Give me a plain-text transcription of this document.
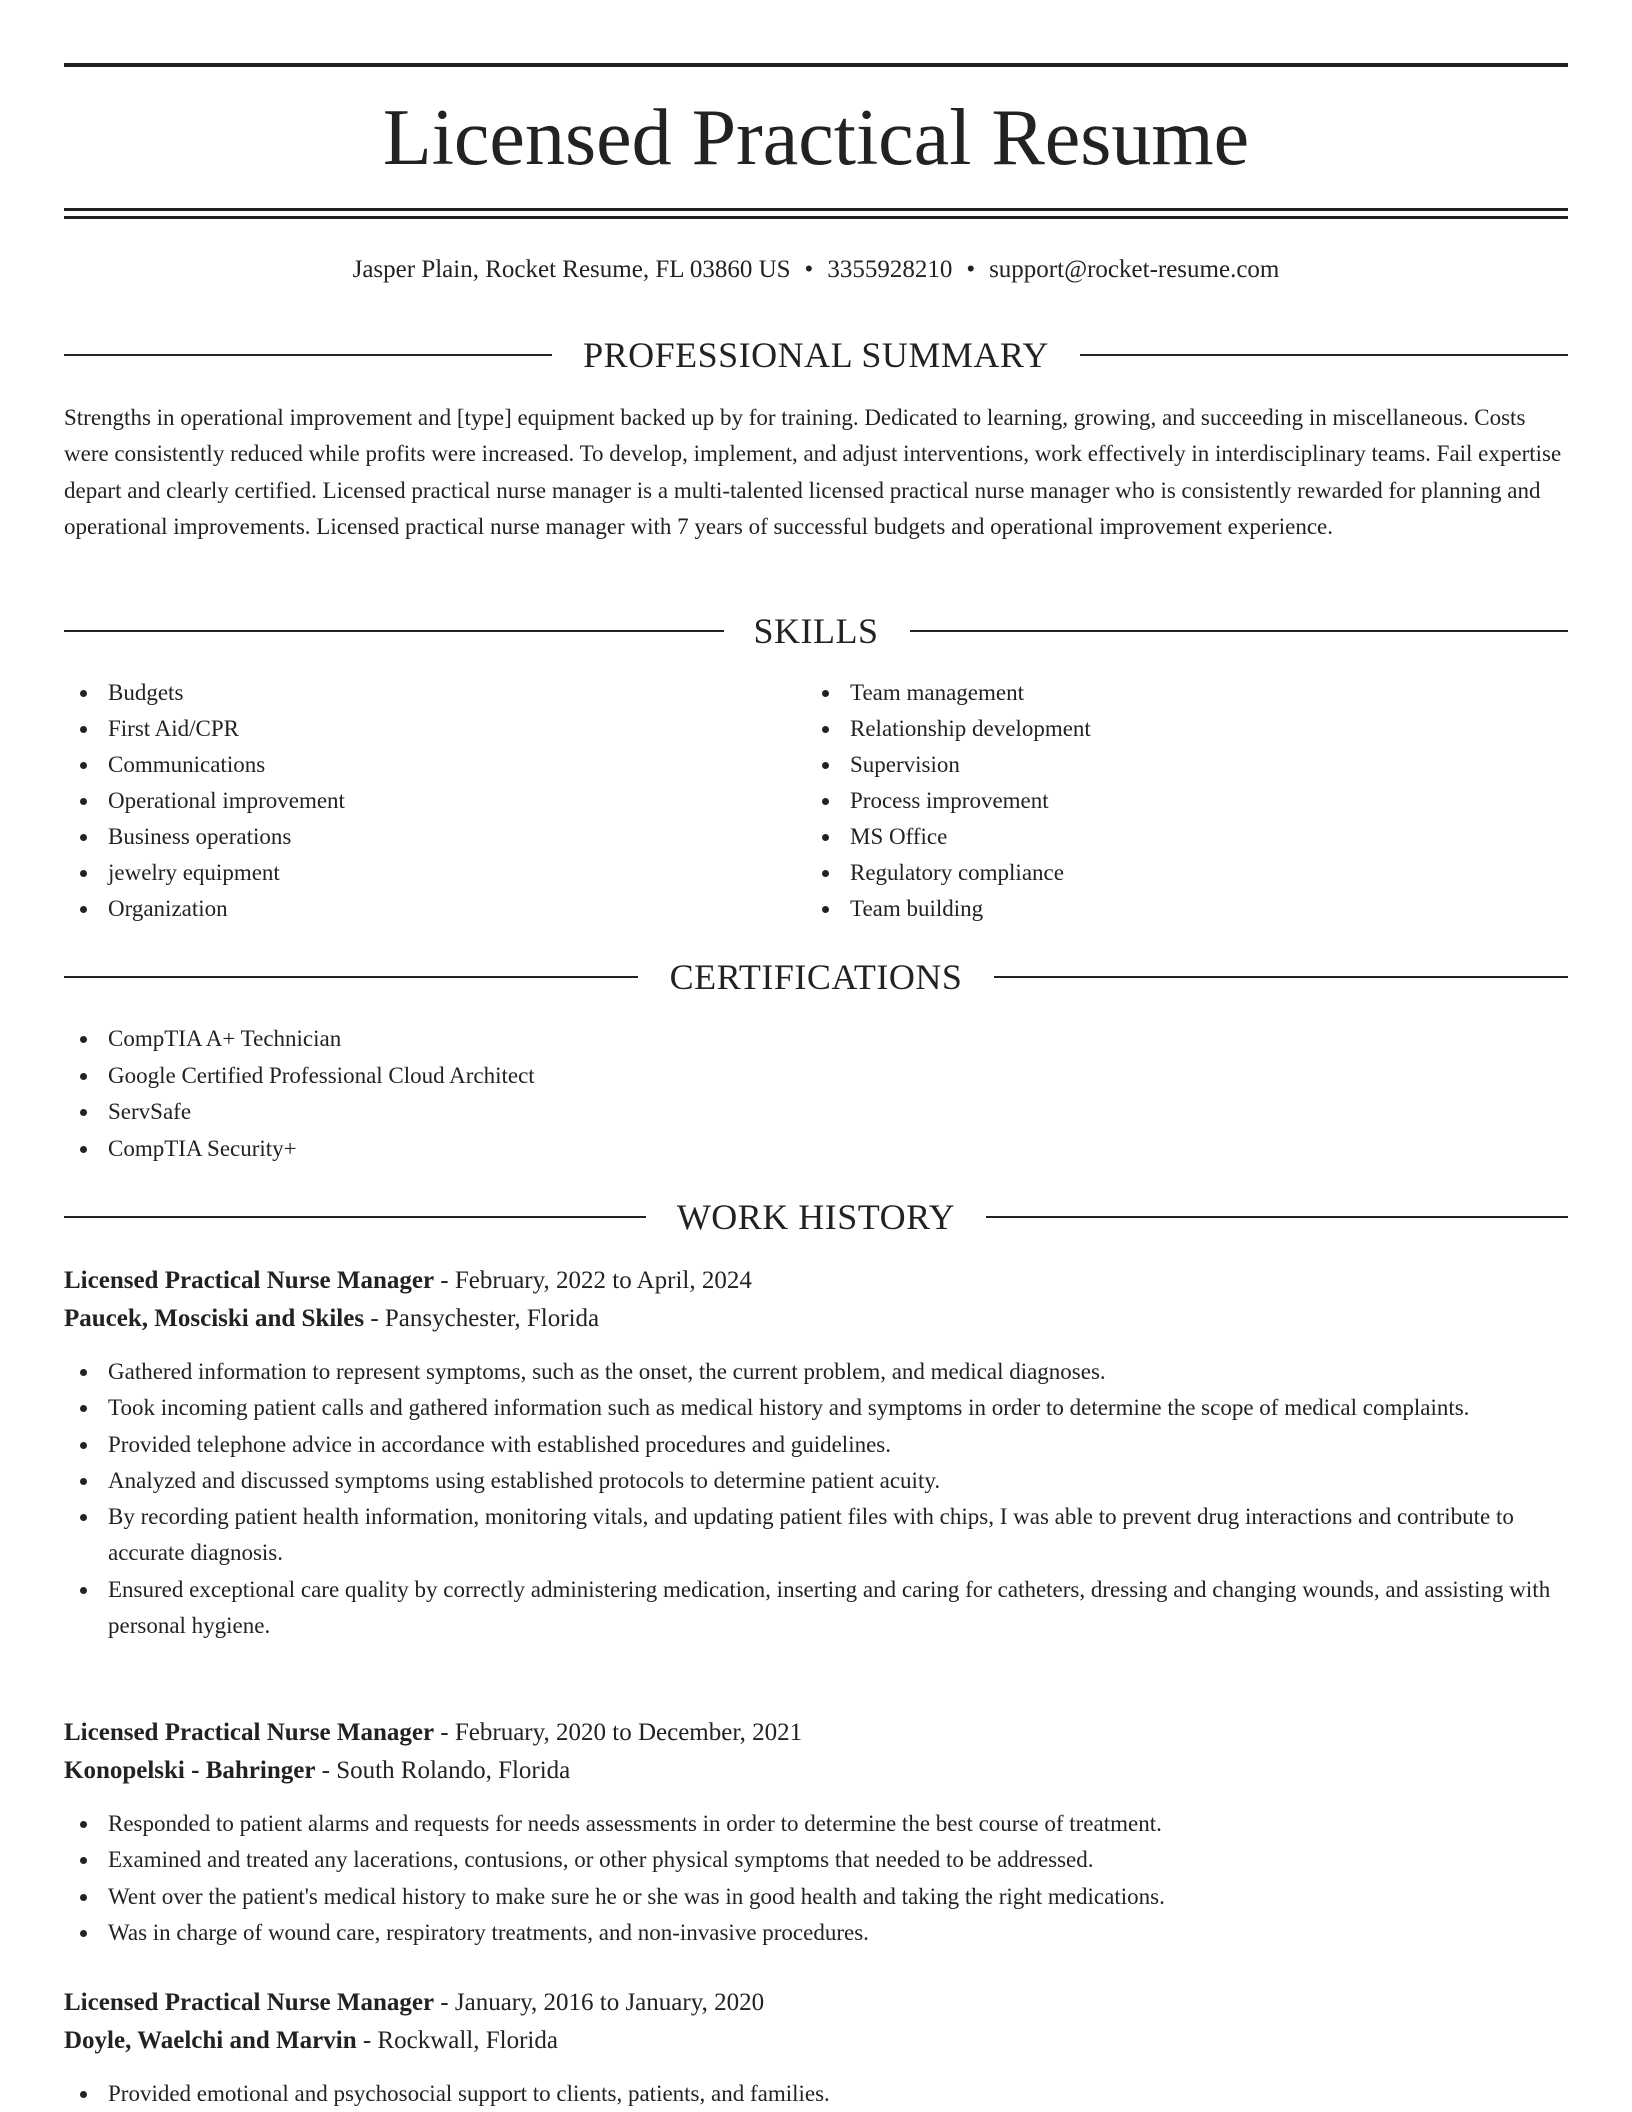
Licensed Practical Resume
Jasper Plain, Rocket Resume, FL 03860 US • 3355928210 • support@rocket-resume.com
PROFESSIONAL SUMMARY

Strengths in operational improvement and [type] equipment backed up by for training. Dedicated to learning, growing, and succeeding in miscellaneous. Costs were consistently reduced while profits were increased. To develop, implement, and adjust interventions, work effectively in interdisciplinary teams. Fail expertise depart and clearly certified. Licensed practical nurse manager is a multi-talented licensed practical nurse manager who is consistently rewarded for planning and operational improvements. Licensed practical nurse manager with 7 years of successful budgets and operational improvement experience.

SKILLS
Budgets
First Aid/CPR
Communications
Operational improvement
Business operations
jewelry equipment
Organization
Team management
Relationship development
Supervision
Process improvement
MS Office
Regulatory compliance
Team building
CERTIFICATIONS
CompTIA A+ Technician
Google Certified Professional Cloud Architect
ServSafe
CompTIA Security+
WORK HISTORY
Licensed Practical Nurse Manager - February, 2022 to April, 2024
Paucek, Mosciski and Skiles - Pansychester, Florida
Gathered information to represent symptoms, such as the onset, the current problem, and medical diagnoses.
Took incoming patient calls and gathered information such as medical history and symptoms in order to determine the scope of medical complaints.
Provided telephone advice in accordance with established procedures and guidelines.
Analyzed and discussed symptoms using established protocols to determine patient acuity.
By recording patient health information, monitoring vitals, and updating patient files with chips, I was able to prevent drug interactions and contribute to accurate diagnosis.
Ensured exceptional care quality by correctly administering medication, inserting and caring for catheters, dressing and changing wounds, and assisting with personal hygiene.
Licensed Practical Nurse Manager - February, 2020 to December, 2021
Konopelski - Bahringer - South Rolando, Florida
Responded to patient alarms and requests for needs assessments in order to determine the best course of treatment.
Examined and treated any lacerations, contusions, or other physical symptoms that needed to be addressed.
Went over the patient's medical history to make sure he or she was in good health and taking the right medications.
Was in charge of wound care, respiratory treatments, and non-invasive procedures.
Licensed Practical Nurse Manager - January, 2016 to January, 2020
Doyle, Waelchi and Marvin - Rockwall, Florida
Provided emotional and psychosocial support to clients, patients, and families.
